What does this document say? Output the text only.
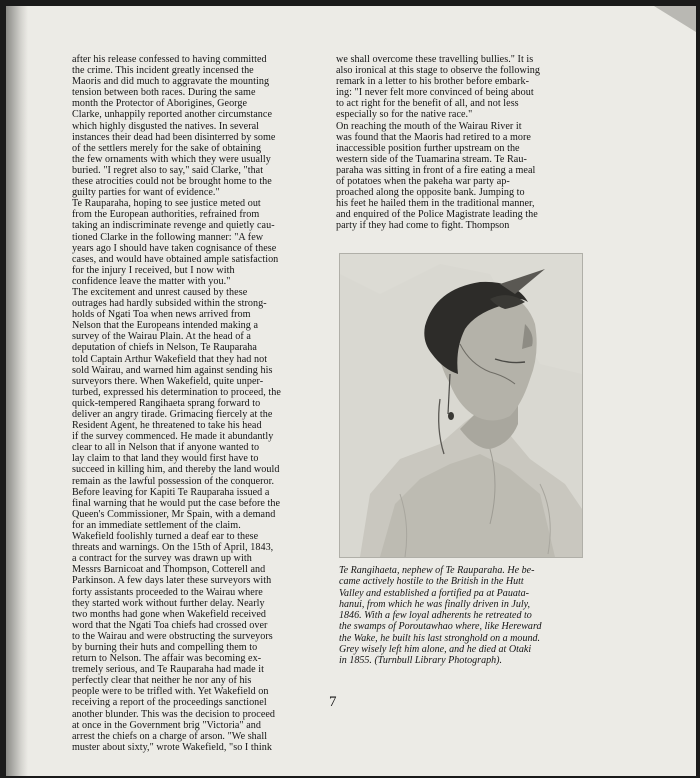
after his release confessed to having committed

the crime. This incident greatly incensed the

Maoris and did much to aggravate the mounting

tension between both races. During the same

month the Protector of Aborigines, George

Clarke, unhappily reported another circumstance

which highly disgusted the natives. In several

instances their dead had been disinterred by some

of the settlers merely for the sake of obtaining

the few ornaments with which they were usually

buried. "I regret also to say," said Clarke, "that

these atrocities could not be brought home to the

guilty parties for want of evidence."

Te Rauparaha, hoping to see justice meted out

from the European authorities, refrained from

taking an indiscriminate revenge and quietly cau-

tioned Clarke in the following manner: "A few

years ago I should have taken cognisance of these

cases, and would have obtained ample satisfaction

for the injury I received, but I now with

confidence leave the matter with you."

The excitement and unrest caused by these

outrages had hardly subsided within the strong-

holds of Ngati Toa when news arrived from

Nelson that the Europeans intended making a

survey of the Wairau Plain. At the head of a

deputation of chiefs in Nelson, Te Rauparaha

told Captain Arthur Wakefield that they had not

sold Wairau, and warned him against sending his

surveyors there. When Wakefield, quite unper-

turbed, expressed his determination to proceed, the

quick-tempered Rangihaeta sprang forward to

deliver an angry tirade. Grimacing fiercely at the

Resident Agent, he threatened to take his head

if the survey commenced. He made it abundantly

clear to all in Nelson that if anyone wanted to

lay claim to that land they would first have to

succeed in killing him, and thereby the land would

remain as the lawful possession of the conqueror.

Before leaving for Kapiti Te Rauparaha issued a

final warning that he would put the case before the

Queen's Commissioner, Mr Spain, with a demand

for an immediate settlement of the claim.

Wakefield foolishly turned a deaf ear to these

threats and warnings. On the 15th of April, 1843,

a contract for the survey was drawn up with

Messrs Barnicoat and Thompson, Cotterell and

Parkinson. A few days later these surveyors with

forty assistants proceeded to the Wairau where

they started work without further delay. Nearly

two months had gone when Wakefield received

word that the Ngati Toa chiefs had crossed over

to the Wairau and were obstructing the surveyors

by burning their huts and compelling them to

return to Nelson. The affair was becoming ex-

tremely serious, and Te Rauparaha had made it

perfectly clear that neither he nor any of his

people were to be trifled with. Yet Wakefield on

receiving a report of the proceedings sanctionel

another blunder. This was the decision to proceed

at once in the Government brig "Victoria" and

arrest the chiefs on a charge of arson. "We shall

muster about sixty," wrote Wakefield, "so I think

we shall overcome these travelling bullies." It is

also ironical at this stage to observe the following

remark in a letter to his brother before embark-

ing: "I never felt more convinced of being about

to act right for the benefit of all, and not less

especially so for the native race."

On reaching the mouth of the Wairau River it

was found that the Maoris had retired to a more

inaccessible position further upstream on the

western side of the Tuamarina stream. Te Rau-

paraha was sitting in front of a fire eating a meal

of potatoes when the pakeha war party ap-

proached along the opposite bank. Jumping to

his feet he hailed them in the traditional manner,

and enquired of the Police Magistrate leading the

party if they had come to fight. Thompson

Te Rangihaeta, nephew of Te Rauparaha. He be-

came actively hostile to the British in the Hutt

Valley and established a fortified pa at Pauata-

hanui, from which he was finally driven in July,

1846. With a few loyal adherents he retreated to

the swamps of Poroutawhao where, like Hereward

the Wake, he built his last stronghold on a mound.

Grey wisely left him alone, and he died at Otaki

in 1855. (Turnbull Library Photograph).

7
